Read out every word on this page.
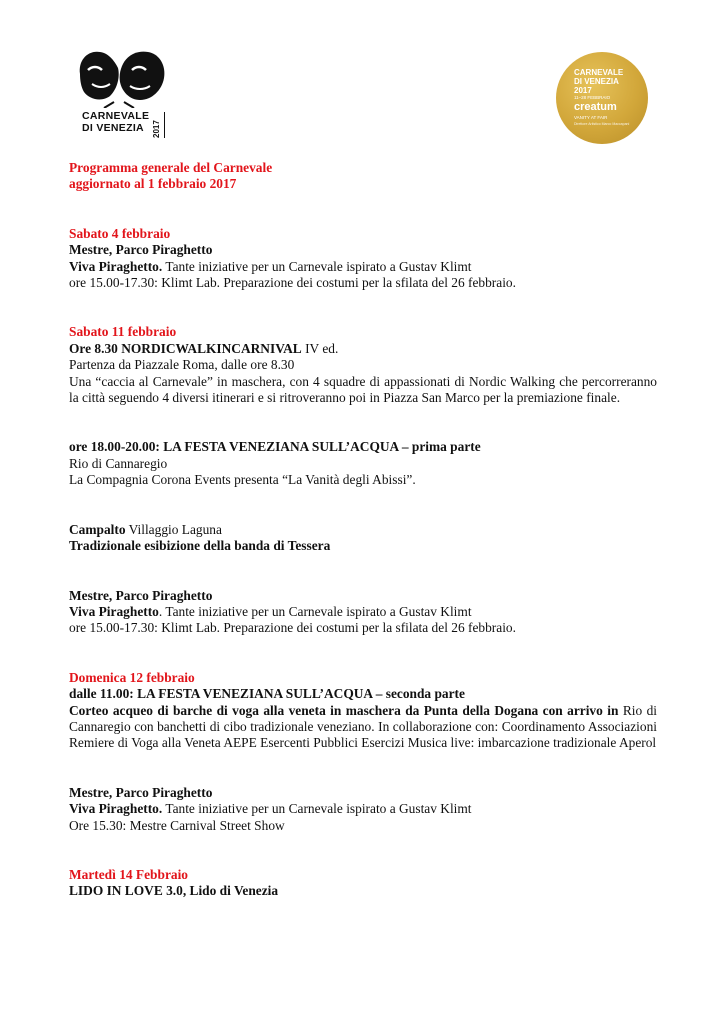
CARNEVALE
DI VENEZIA	2017
CARNEVALE
DI VENEZIA
2017
11–28 FEBBRAIO
creatum
VANITY AT FAIR
Direttore Artistico Marco Maccapani
Programma generale del Carnevale
aggiornato al 1 febbraio 2017
Sabato 4 febbraio
Mestre, Parco Piraghetto
Viva Piraghetto. Tante iniziative per un Carnevale ispirato a Gustav Klimt
ore 15.00-17.30: Klimt Lab. Preparazione dei costumi per la sfilata del 26 febbraio.
Sabato 11 febbraio
Ore 8.30 NORDICWALKINCARNIVAL IV ed.
Partenza da Piazzale Roma, dalle ore 8.30
Una “caccia al Carnevale” in maschera, con 4 squadre di appassionati di Nordic Walking che percorreranno la città seguendo 4 diversi itinerari e si ritroveranno poi in Piazza San Marco per la premiazione finale.
ore 18.00-20.00: LA FESTA VENEZIANA SULL’ACQUA – prima parte
Rio di Cannaregio
La Compagnia Corona Events presenta “La Vanità degli Abissi”.
Campalto Villaggio Laguna
Tradizionale esibizione della banda di Tessera
Mestre, Parco Piraghetto
Viva Piraghetto. Tante iniziative per un Carnevale ispirato a Gustav Klimt
ore 15.00-17.30: Klimt Lab. Preparazione dei costumi per la sfilata del 26 febbraio.
Domenica 12 febbraio
dalle 11.00: LA FESTA VENEZIANA SULL’ACQUA – seconda parte
Corteo acqueo di barche di voga alla veneta in maschera da Punta della Dogana con arrivo in Rio di Cannaregio con banchetti di cibo tradizionale veneziano. In collaborazione con: Coordinamento Associazioni Remiere di Voga alla Veneta AEPE Esercenti Pubblici Esercizi Musica live: imbarcazione tradizionale Aperol
Mestre, Parco Piraghetto
Viva Piraghetto. Tante iniziative per un Carnevale ispirato a Gustav Klimt
Ore 15.30: Mestre Carnival Street Show
Martedì 14 Febbraio
LIDO IN LOVE 3.0, Lido di Venezia
